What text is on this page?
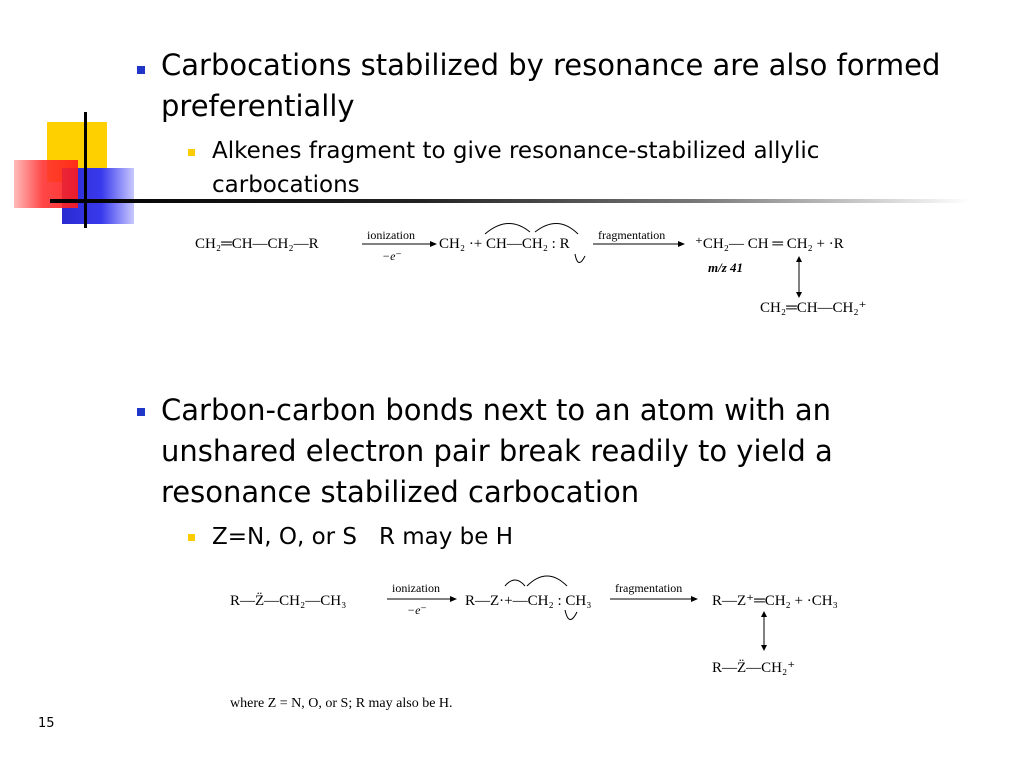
Carbocations stabilized by resonance are also formed preferentially
Alkenes fragment to give resonance-stabilized allylic carbocations
CH₂═CH—CH₂—R
ionization
−e⁻
CH₂ ·+ CH—CH₂ : R
fragmentation
⁺CH₂— CH ═ CH₂ + ·R
m/z 41
CH₂═CH—CH₂⁺
Carbon-carbon bonds next to an atom with an unshared electron pair break readily to yield a resonance stabilized carbocation
Z=N, O, or S   R may be H
R—Z̈—CH₂—CH₃
ionization
−e⁻
R—Z·+—CH₂ : CH₃
fragmentation
R—Z⁺═CH₂ + ·CH₃
R—Z̈—CH₂⁺
where Z = N, O, or S; R may also be H.
15
